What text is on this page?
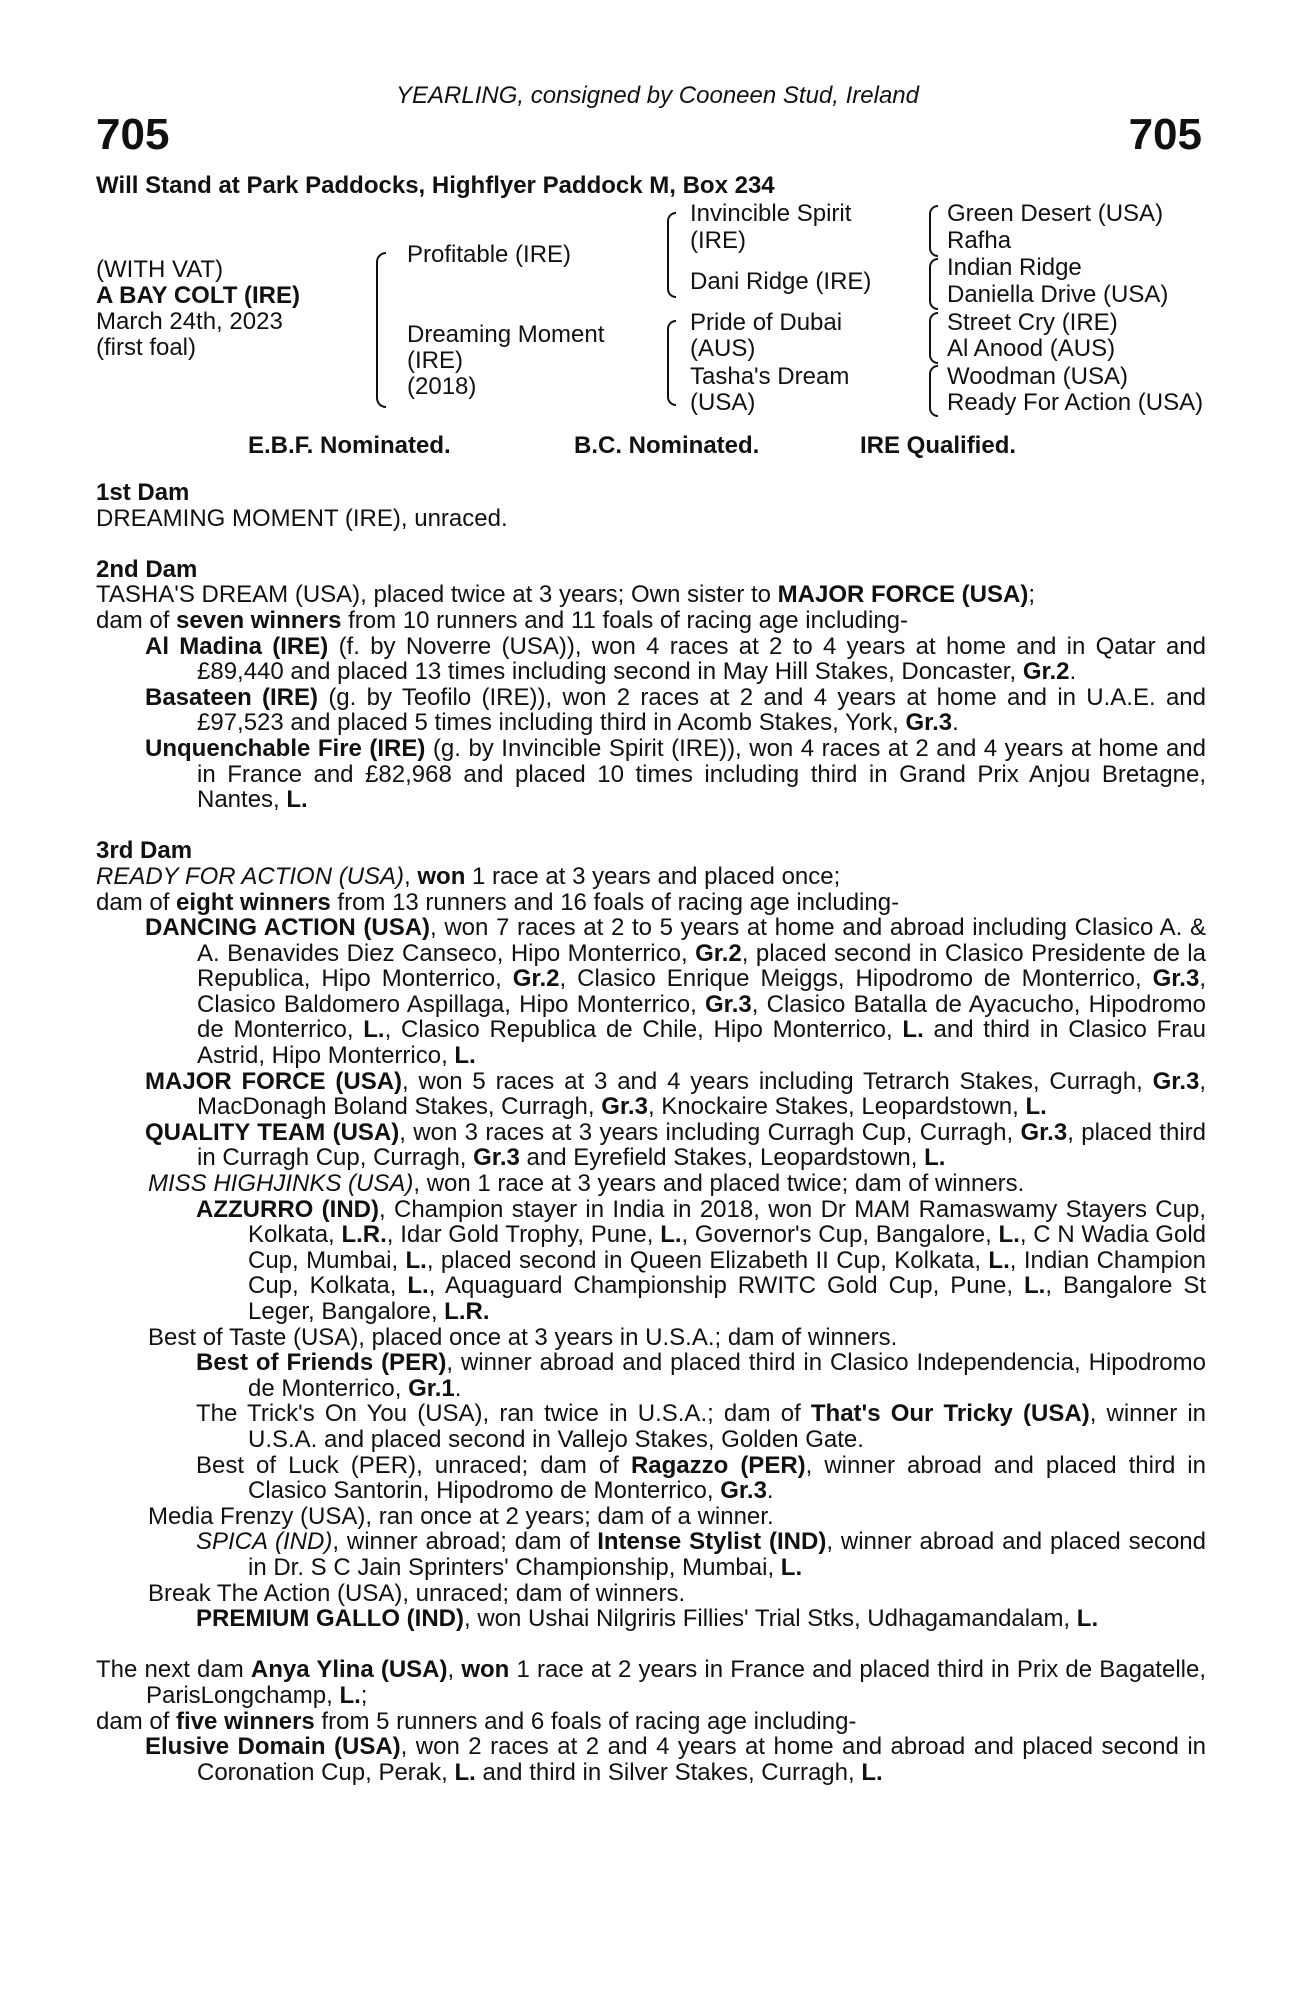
YEARLING, consigned by Cooneen Stud, Ireland
705	705
Will Stand at Park Paddocks, Highflyer Paddock M, Box 234
(WITH VAT)
A BAY COLT (IRE)
March 24th, 2023
(first foal)
Profitable (IRE)
Dreaming Moment
(IRE)
(2018)
Invincible Spirit
(IRE)
Dani Ridge (IRE)
Pride of Dubai
(AUS)
Tasha's Dream
(USA)
Green Desert (USA)
Rafha
Indian Ridge
Daniella Drive (USA)
Street Cry (IRE)
Al Anood (AUS)
Woodman (USA)
Ready For Action (USA)
E.B.F. Nominated.	B.C. Nominated.	IRE Qualified.

1st Dam

DREAMING MOMENT (IRE), unraced.

2nd Dam

TASHA'S DREAM (USA), placed twice at 3 years; Own sister to MAJOR FORCE (USA);

dam of seven winners from 10 runners and 11 foals of racing age including-

Al Madina (IRE) (f. by Noverre (USA)), won 4 races at 2 to 4 years at home and in Qatar and £89,440 and placed 13 times including second in May Hill Stakes, Doncaster, Gr.2.

Basateen (IRE) (g. by Teofilo (IRE)), won 2 races at 2 and 4 years at home and in U.A.E. and £97,523 and placed 5 times including third in Acomb Stakes, York, Gr.3.

Unquenchable Fire (IRE) (g. by Invincible Spirit (IRE)), won 4 races at 2 and 4 years at home and in France and £82,968 and placed 10 times including third in Grand Prix Anjou Bretagne, Nantes, L.

3rd Dam

READY FOR ACTION (USA), won 1 race at 3 years and placed once;

dam of eight winners from 13 runners and 16 foals of racing age including-

DANCING ACTION (USA), won 7 races at 2 to 5 years at home and abroad including Clasico A. & A. Benavides Diez Canseco, Hipo Monterrico, Gr.2, placed second in Clasico Presidente de la Republica, Hipo Monterrico, Gr.2, Clasico Enrique Meiggs, Hipodromo de Monterrico, Gr.3, Clasico Baldomero Aspillaga, Hipo Monterrico, Gr.3, Clasico Batalla de Ayacucho, Hipodromo de Monterrico, L., Clasico Republica de Chile, Hipo Monterrico, L. and third in Clasico Frau Astrid, Hipo Monterrico, L.

MAJOR FORCE (USA), won 5 races at 3 and 4 years including Tetrarch Stakes, Curragh, Gr.3, MacDonagh Boland Stakes, Curragh, Gr.3, Knockaire Stakes, Leopardstown, L.

QUALITY TEAM (USA), won 3 races at 3 years including Curragh Cup, Curragh, Gr.3, placed third in Curragh Cup, Curragh, Gr.3 and Eyrefield Stakes, Leopardstown, L.

MISS HIGHJINKS (USA), won 1 race at 3 years and placed twice; dam of winners.

AZZURRO (IND), Champion stayer in India in 2018, won Dr MAM Ramaswamy Stayers Cup, Kolkata, L.R., Idar Gold Trophy, Pune, L., Governor's Cup, Bangalore, L., C N Wadia Gold Cup, Mumbai, L., placed second in Queen Elizabeth II Cup, Kolkata, L., Indian Champion Cup, Kolkata, L., Aquaguard Championship RWITC Gold Cup, Pune, L., Bangalore St Leger, Bangalore, L.R.

Best of Taste (USA), placed once at 3 years in U.S.A.; dam of winners.

Best of Friends (PER), winner abroad and placed third in Clasico Independencia, Hipodromo de Monterrico, Gr.1.

The Trick's On You (USA), ran twice in U.S.A.; dam of That's Our Tricky (USA), winner in U.S.A. and placed second in Vallejo Stakes, Golden Gate.

Best of Luck (PER), unraced; dam of Ragazzo (PER), winner abroad and placed third in Clasico Santorin, Hipodromo de Monterrico, Gr.3.

Media Frenzy (USA), ran once at 2 years; dam of a winner.

SPICA (IND), winner abroad; dam of Intense Stylist (IND), winner abroad and placed second in Dr. S C Jain Sprinters' Championship, Mumbai, L.

Break The Action (USA), unraced; dam of winners.

PREMIUM GALLO (IND), won Ushai Nilgriris Fillies' Trial Stks, Udhagamandalam, L.

The next dam Anya Ylina (USA), won 1 race at 2 years in France and placed third in Prix de Bagatelle, ParisLongchamp, L.;

dam of five winners from 5 runners and 6 foals of racing age including-

Elusive Domain (USA), won 2 races at 2 and 4 years at home and abroad and placed second in Coronation Cup, Perak, L. and third in Silver Stakes, Curragh, L.
